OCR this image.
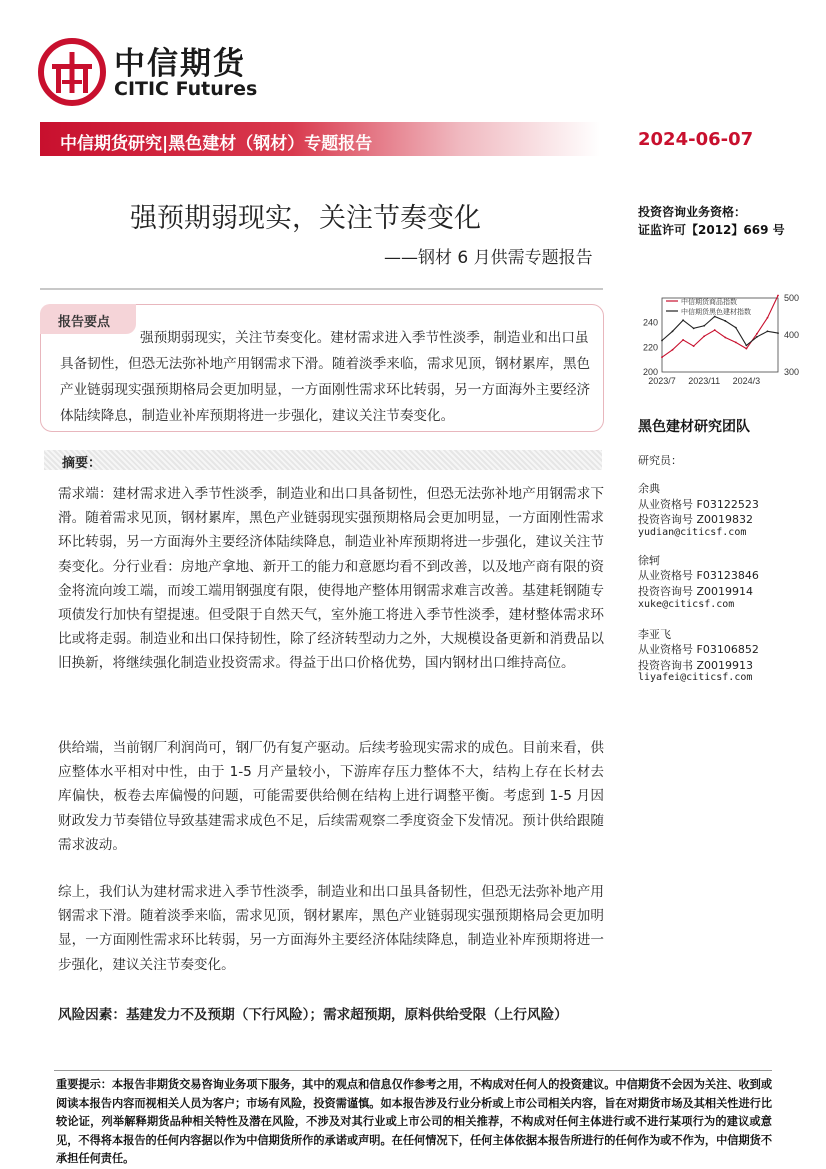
中信期货
CITIC Futures
中信期货研究|黑色建材（钢材）专题报告	2024-06-07
强预期弱现实，关注节奏变化
——钢材 6 月供需专题报告
投资咨询业务资格：
证监许可【2012】669 号
报告要点
强预期弱现实，关注节奏变化。建材需求进入季节性淡季，制造业和出口虽具备韧性，但恐无法弥补地产用钢需求下滑。随着淡季来临，需求见顶，钢材累库，黑色产业链弱现实强预期格局会更加明显，一方面刚性需求环比转弱，另一方面海外主要经济体陆续降息，制造业补库预期将进一步强化，建议关注节奏变化。
摘要：
需求端：建材需求进入季节性淡季，制造业和出口具备韧性，但恐无法弥补地产用钢需求下滑。随着需求见顶，钢材累库，黑色产业链弱现实强预期格局会更加明显，一方面刚性需求环比转弱，另一方面海外主要经济体陆续降息，制造业补库预期将进一步强化，建议关注节奏变化。分行业看：房地产拿地、新开工的能力和意愿均看不到改善，以及地产商有限的资金将流向竣工端，而竣工端用钢强度有限，使得地产整体用钢需求难言改善。基建耗钢随专项债发行加快有望提速。但受限于自然天气，室外施工将进入季节性淡季，建材整体需求环比或将走弱。制造业和出口保持韧性，除了经济转型动力之外，大规模设备更新和消费品以旧换新，将继续强化制造业投资需求。得益于出口价格优势，国内钢材出口维持高位。
供给端，当前钢厂利润尚可，钢厂仍有复产驱动。后续考验现实需求的成色。目前来看，供应整体水平相对中性，由于 1-5 月产量较小，下游库存压力整体不大，结构上存在长材去库偏快，板卷去库偏慢的问题，可能需要供给侧在结构上进行调整平衡。考虑到 1-5 月因财政发力节奏错位导致基建需求成色不足，后续需观察二季度资金下发情况。预计供给跟随需求波动。
综上，我们认为建材需求进入季节性淡季，制造业和出口虽具备韧性，但恐无法弥补地产用钢需求下滑。随着淡季来临，需求见顶，钢材累库，黑色产业链弱现实强预期格局会更加明显，一方面刚性需求环比转弱，另一方面海外主要经济体陆续降息，制造业补库预期将进一步强化，建议关注节奏变化。
风险因素：基建发力不及预期（下行风险）；需求超预期，原料供给受限（上行风险）
200
220
240
300
400
500
2023/7 2023/11 2024/3
中信期货商品指数
中信期货黑色建材指数
黑色建材研究团队
研究员：
余典
从业资格号 F03122523
投资咨询号 Z0019832
yudian@citicsf.com
徐轲
从业资格号 F03123846
投资咨询号 Z0019914
xuke@citicsf.com
李亚飞
从业资格号 F03106852
投资咨询书 Z0019913
liyafei@citicsf.com
重要提示：本报告非期货交易咨询业务项下服务，其中的观点和信息仅作参考之用，不构成对任何人的投资建议。中信期货不会因为关注、收到或阅读本报告内容而视相关人员为客户；市场有风险，投资需谨慎。如本报告涉及行业分析或上市公司相关内容，旨在对期货市场及其相关性进行比较论证，列举解释期货品种相关特性及潜在风险，不涉及对其行业或上市公司的相关推荐，不构成对任何主体进行或不进行某项行为的建议或意见，不得将本报告的任何内容据以作为中信期货所作的承诺或声明。在任何情况下，任何主体依据本报告所进行的任何作为或不作为，中信期货不承担任何责任。
